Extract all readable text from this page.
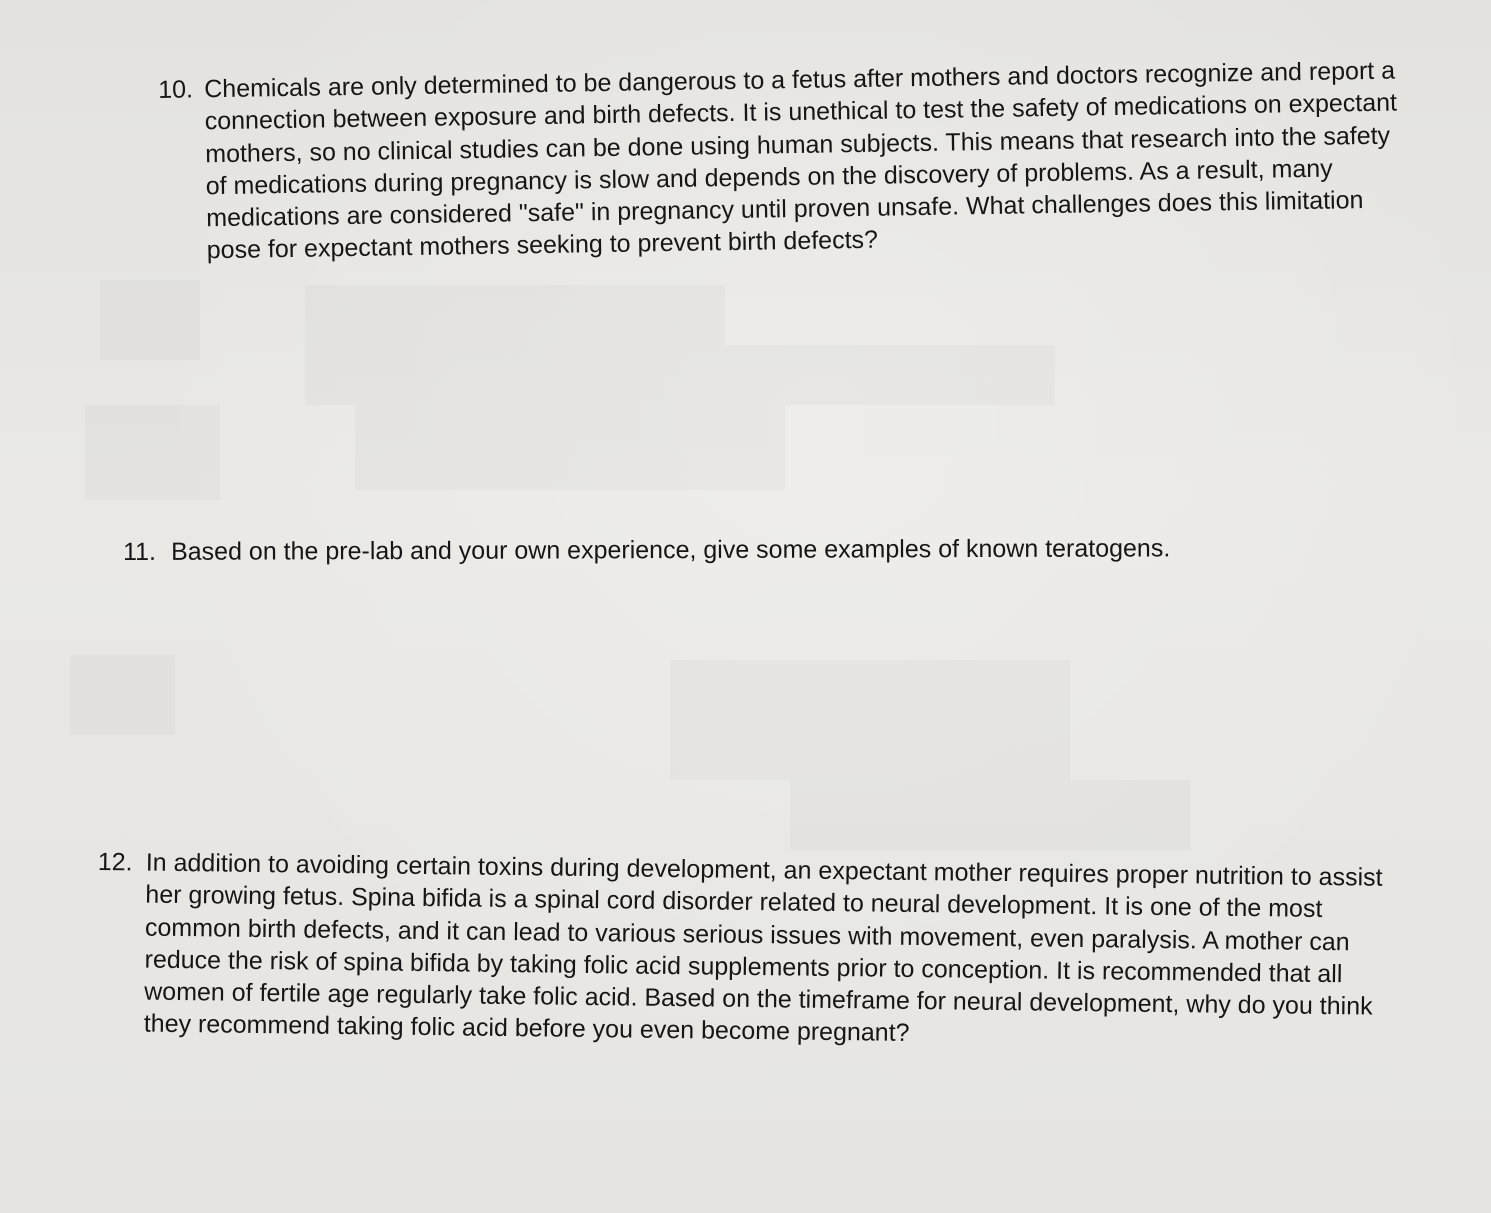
10. Chemicals are only determined to be dangerous to a fetus after mothers and doctors recognize and report a connection between exposure and birth defects. It is unethical to test the safety of medications on expectant mothers, so no clinical studies can be done using human subjects. This means that research into the safety of medications during pregnancy is slow and depends on the discovery of problems. As a result, many medications are considered "safe" in pregnancy until proven unsafe. What challenges does this limitation pose for expectant mothers seeking to prevent birth defects?
11. Based on the pre-lab and your own experience, give some examples of known teratogens.
12. In addition to avoiding certain toxins during development, an expectant mother requires proper nutrition to assist her growing fetus. Spina bifida is a spinal cord disorder related to neural development. It is one of the most common birth defects, and it can lead to various serious issues with movement, even paralysis. A mother can reduce the risk of spina bifida by taking folic acid supplements prior to conception. It is recommended that all women of fertile age regularly take folic acid. Based on the timeframe for neural development, why do you think they recommend taking folic acid before you even become pregnant?
